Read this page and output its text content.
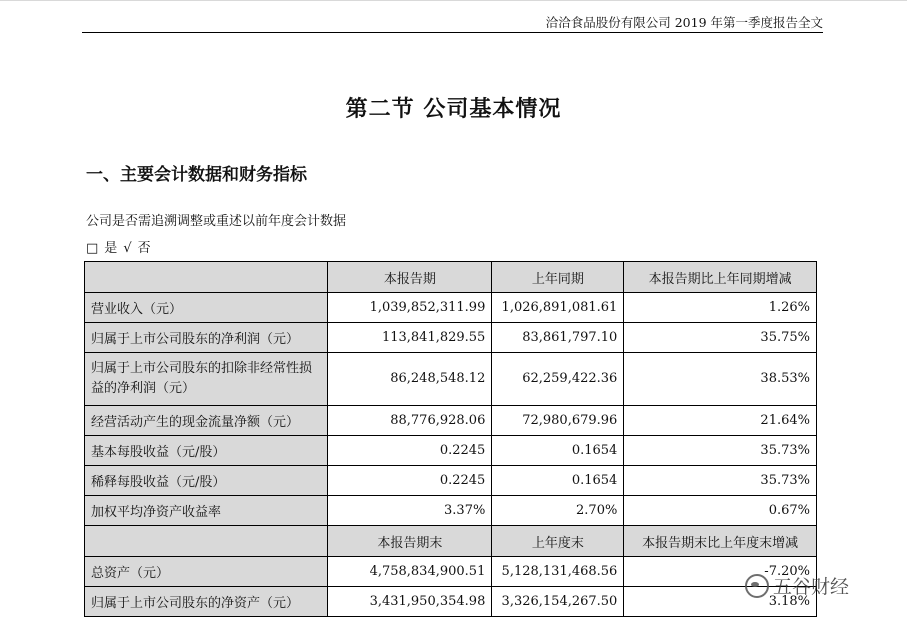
洽洽食品股份有限公司 2019 年第一季度报告全文
第二节 公司基本情况
一、主要会计数据和财务指标
公司是否需追溯调整或重述以前年度会计数据
□ 是 √ 否
	本报告期	上年同期	本报告期比上年同期增减
营业收入（元）	1,039,852,311.99	1,026,891,081.61	1.26%
归属于上市公司股东的净利润（元）	113,841,829.55	83,861,797.10	35.75%
归属于上市公司股东的扣除非经常性损益的净利润（元）	86,248,548.12	62,259,422.36	38.53%
经营活动产生的现金流量净额（元）	88,776,928.06	72,980,679.96	21.64%
基本每股收益（元/股）	0.2245	0.1654	35.73%
稀释每股收益（元/股）	0.2245	0.1654	35.73%
加权平均净资产收益率	3.37%	2.70%	0.67%
	本报告期末	上年度末	本报告期末比上年度末增减
总资产（元）	4,758,834,900.51	5,128,131,468.56	-7.20%
归属于上市公司股东的净资产（元）	3,431,950,354.98	3,326,154,267.50	3.18%
五谷财经
